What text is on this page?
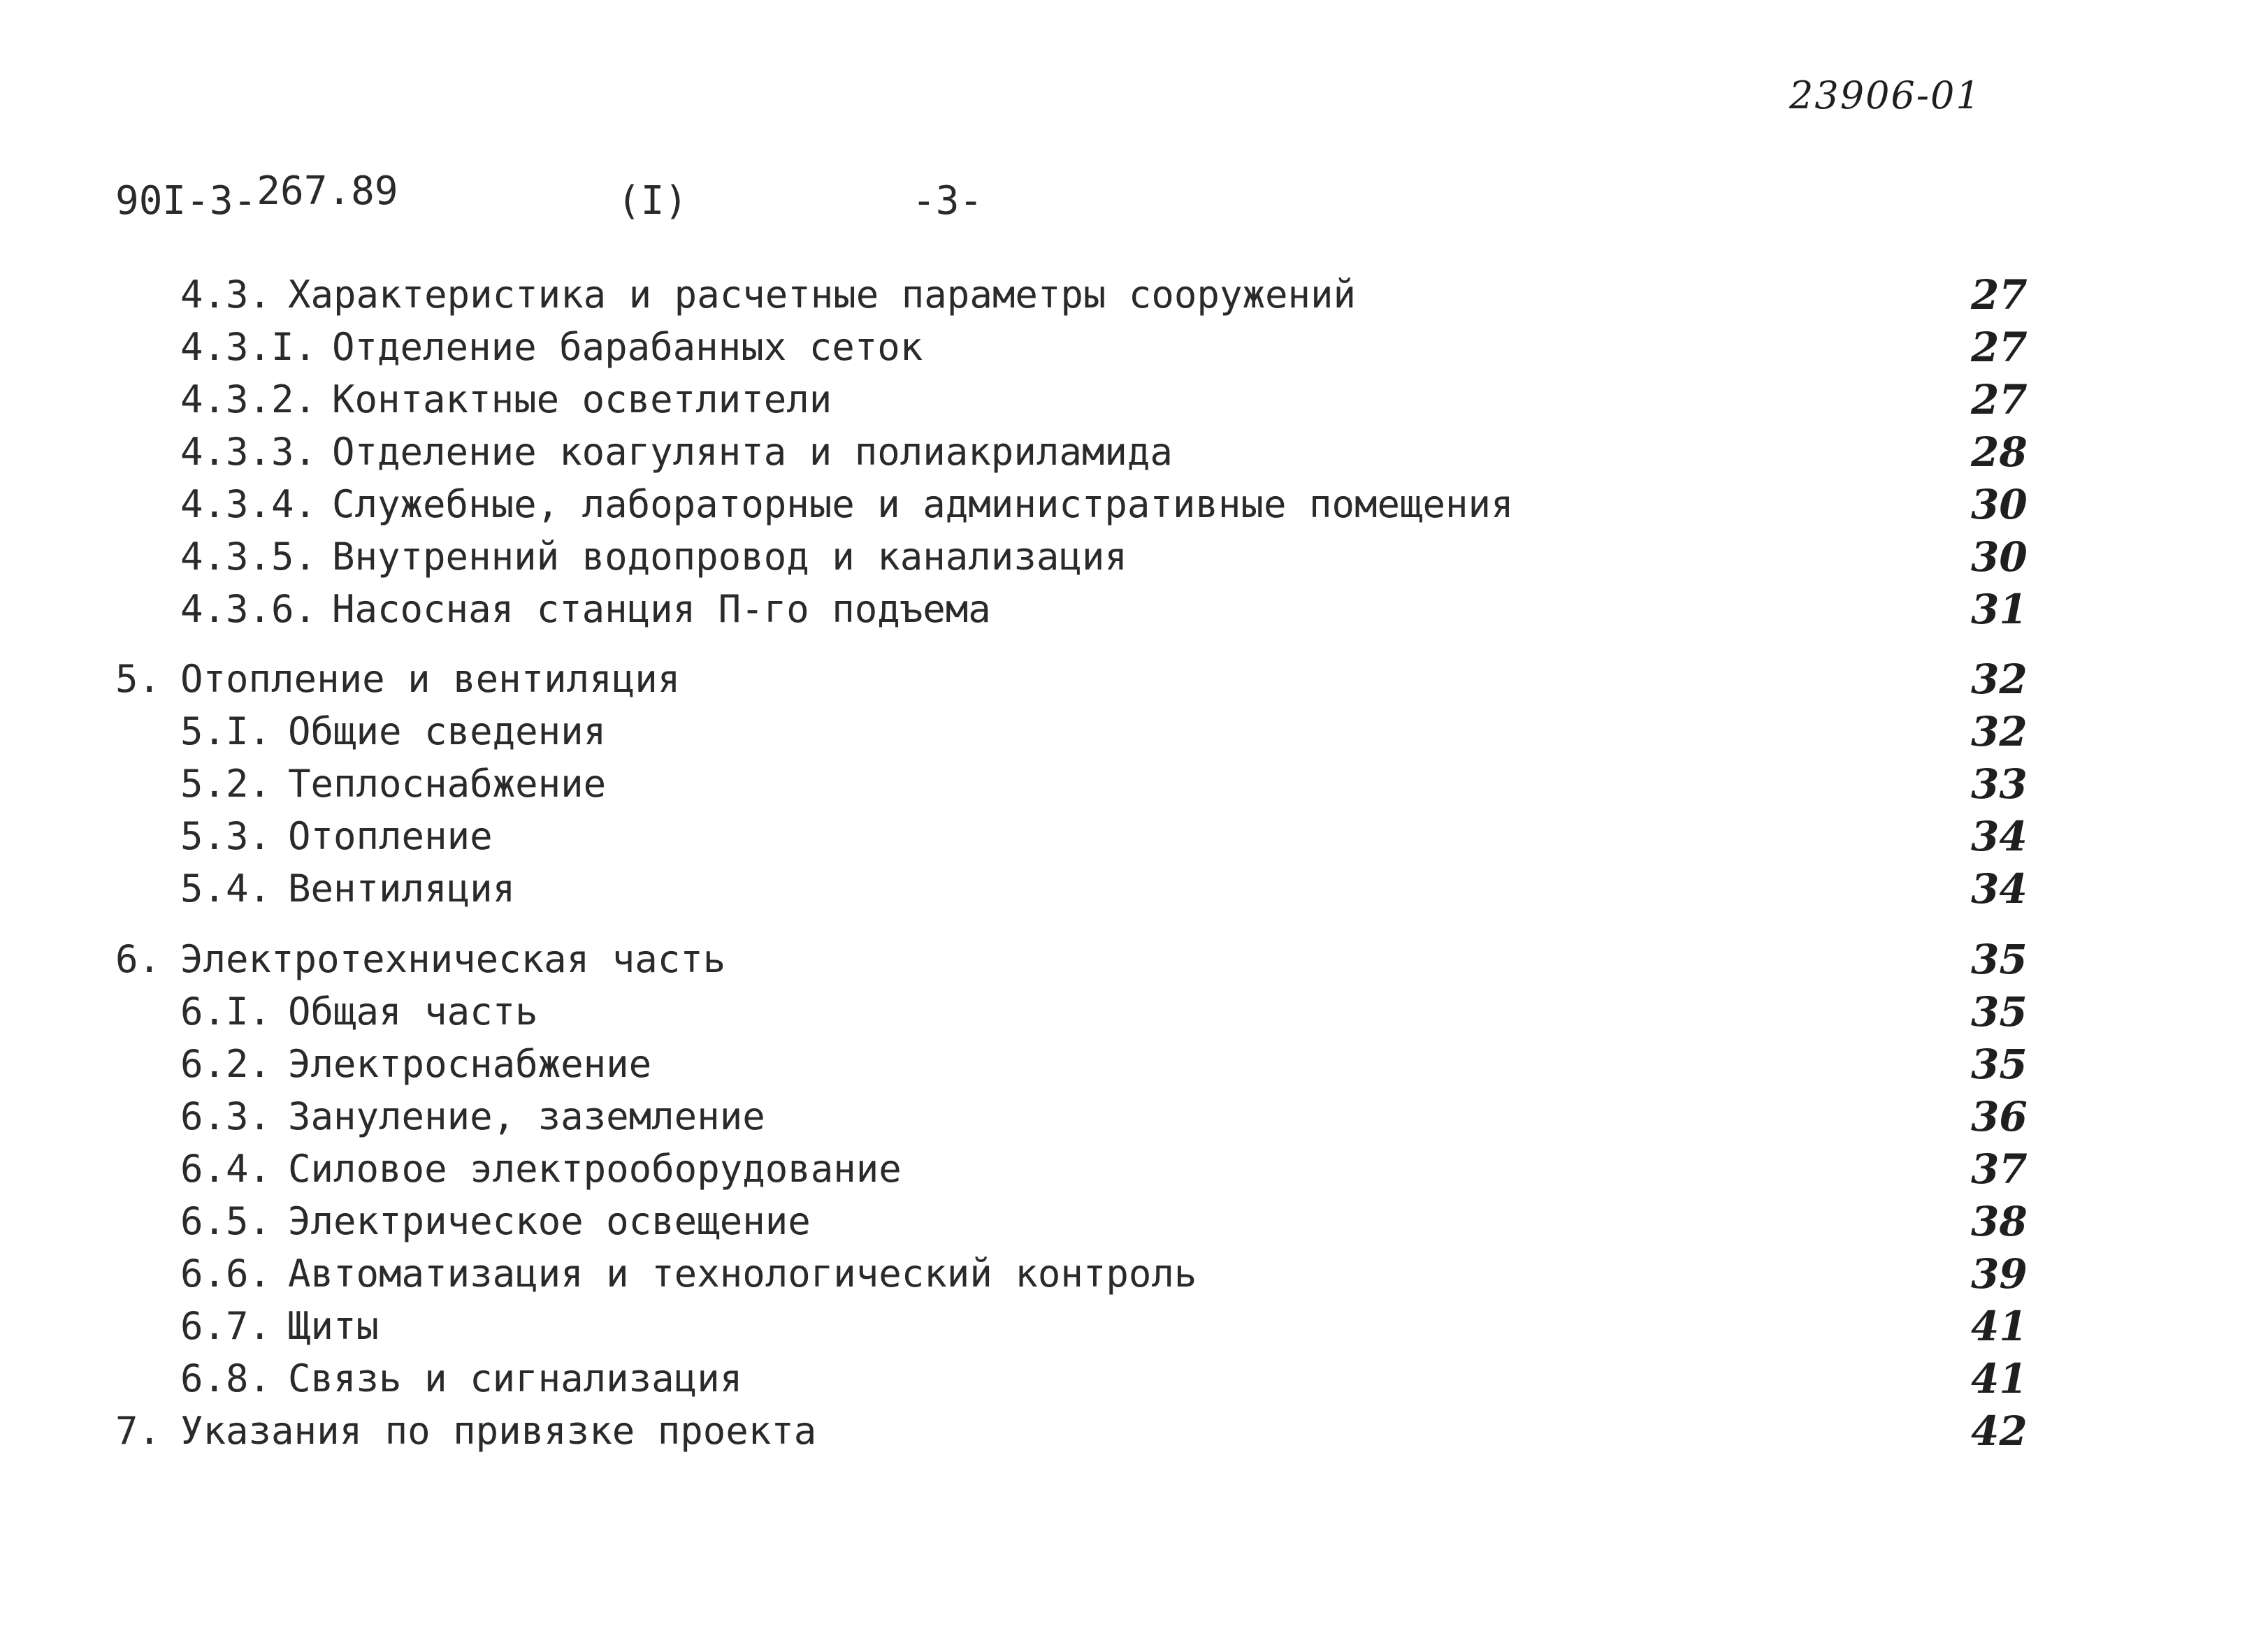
23906-01
90I-3-267.89	(I)	-3-
4.3. Характеристика и расчетные параметры сооружений	27
4.3.I. Отделение барабанных сеток	27
4.3.2. Контактные осветлители	27
4.3.3. Отделение коагулянта и полиакриламида	28
4.3.4. Служебные, лабораторные и административные помещения	30
4.3.5. Внутренний водопровод и канализация	30
4.3.6. Насосная станция П-го подъема	31
5. Отопление и вентиляция	32
5.I. Общие сведения	32
5.2. Теплоснабжение	33
5.3. Отопление	34
5.4. Вентиляция	34
6. Электротехническая часть	35
6.I. Общая часть	35
6.2. Электроснабжение	35
6.3. Зануление, заземление	36
6.4. Силовое электрооборудование	37
6.5. Электрическое освещение	38
6.6. Автоматизация и технологический контроль	39
6.7. Щиты	41
6.8. Связь и сигнализация	41
7. Указания по привязке проекта	42
